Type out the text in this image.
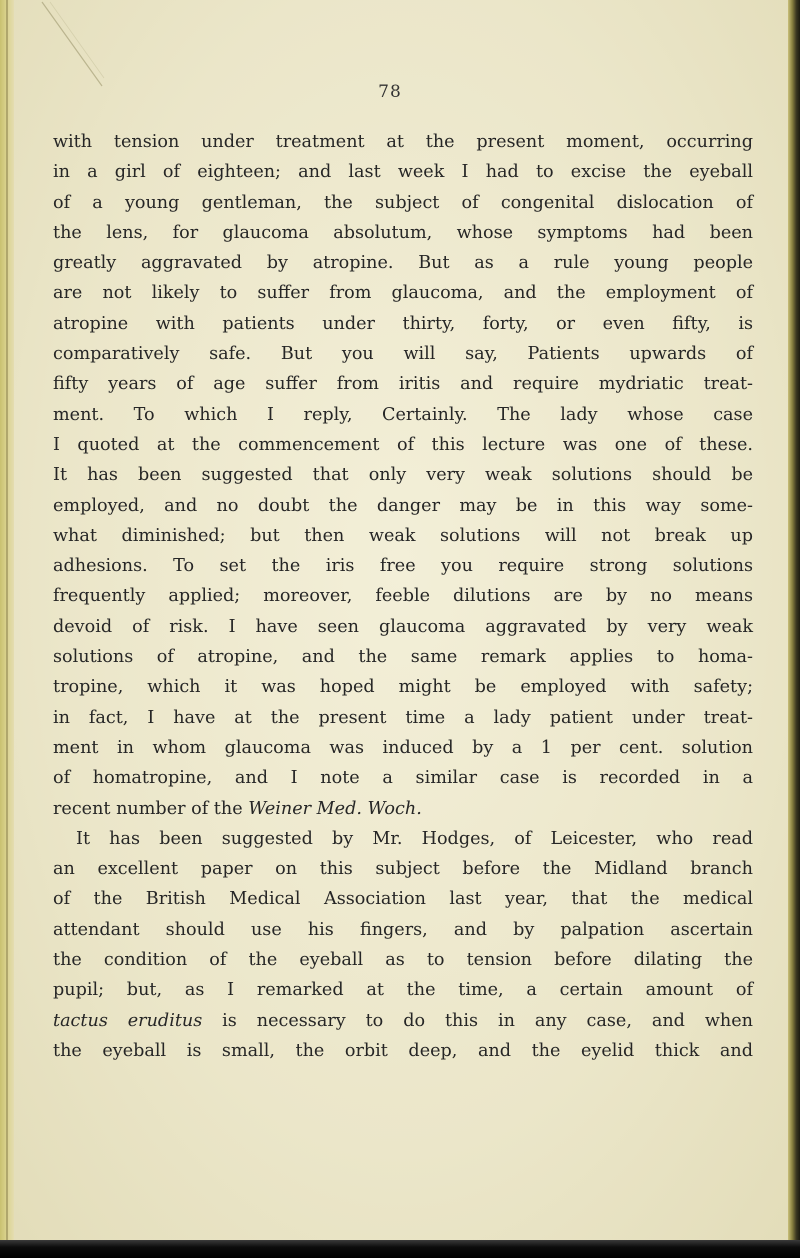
78
with tension under treatment at the present moment, occurring
in a girl of eighteen; and last week I had to excise the eyeball
of a young gentleman, the subject of congenital dislocation of
the lens, for glaucoma absolutum, whose symptoms had been
greatly aggravated by atropine. But as a rule young people
are not likely to suffer from glaucoma, and the employment of
atropine with patients under thirty, forty, or even fifty, is
comparatively safe. But you will say, Patients upwards of
fifty years of age suffer from iritis and require mydriatic treat-
ment. To which I reply, Certainly. The lady whose case
I quoted at the commencement of this lecture was one of these.
It has been suggested that only very weak solutions should be
employed, and no doubt the danger may be in this way some-
what diminished; but then weak solutions will not break up
adhesions. To set the iris free you require strong solutions
frequently applied; moreover, feeble dilutions are by no means
devoid of risk. I have seen glaucoma aggravated by very weak
solutions of atropine, and the same remark applies to homa-
tropine, which it was hoped might be employed with safety;
in fact, I have at the present time a lady patient under treat-
ment in whom glaucoma was induced by a 1 per cent. solution
of homatropine, and I note a similar case is recorded in a
recent number of the Weiner Med. Woch.
It has been suggested by Mr. Hodges, of Leicester, who read
an excellent paper on this subject before the Midland branch
of the British Medical Association last year, that the medical
attendant should use his fingers, and by palpation ascertain
the condition of the eyeball as to tension before dilating the
pupil; but, as I remarked at the time, a certain amount of
tactus eruditus is necessary to do this in any case, and when
the eyeball is small, the orbit deep, and the eyelid thick and
